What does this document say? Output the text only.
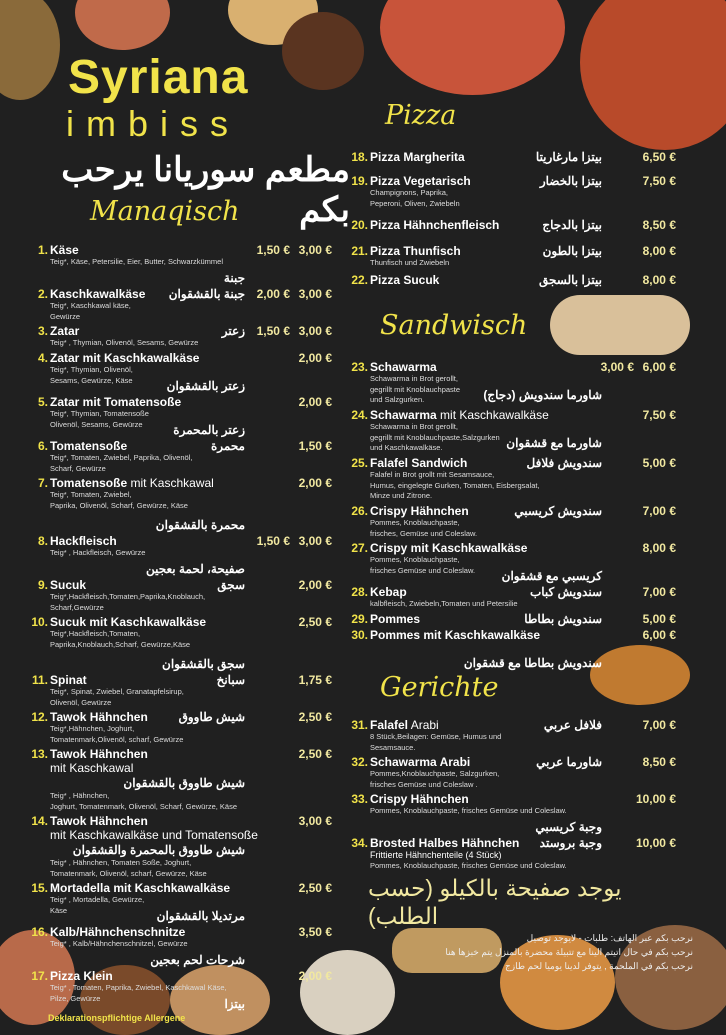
Syriana
imbiss
مطعم سوريانا يرحب بكم
Manaqisch
Pizza
Sandwisch
Gerichte
1. Käse
جبنة
Teig*, Käse, Petersilie, Eier, Butter, Schwarzkümmel
1,50 € 3,00 €
2. Kaschkawalkäse جبنة بالقشقوان
Teig*, Kaschkawal käse,
Gewürze
2,00 € 3,00 €
3. Zatar	زعتر
Teig* , Thymian, Olivenöl, Sesams, Gewürze
1,50 € 3,00 €
4. Zatar mit Kaschkawalkäse
زعتر بالقشقوان
Teig*, Thymian, Olivenöl,
Sesams, Gewürze, Käse
2,00 €
5. Zatar mit Tomatensoße
زعتر بالمحمرة
Teig*, Thymian, Tomatensoße
Olivenöl, Sesams, Gewürze
2,00 €
6. Tomatensoße	محمرة
Teig*, Tomaten, Zwiebel, Paprika, Olivenöl,
Scharf, Gewürze
1,50 €
7. Tomatensoße mit Kaschkawal
محمرة بالقشقوان
Teig*, Tomaten, Zwiebel,
Paprika, Olivenöl, Scharf, Gewürze, Käse
2,00 €
8. Hackfleisch
صفيحة، لحمة بعجين
Teig* , Hackfleisch, Gewürze
1,50 € 3,00 €
9. Sucuk	سجق
Teig*,Hackfleisch,Tomaten,Paprika,Knoblauch,
Scharf,Gewürze
2,00 €
10. Sucuk mit Kaschkawalkäse
سجق بالقشقوان
Teig*,Hackfleisch,Tomaten,
Paprika,Knoblauch,Scharf, Gewürze,Käse
2,50 €
11. Spinat	سبانخ
Teig*, Spinat, Zwiebel, Granatapfelsirup,
Olivenöl, Gewürze
1,75 €
12. Tawok Hähnchen	شيش طاووق
Teig*,Hähnchen, Joghurt,
Tomatenmark,Olivenöl, scharf, Gewürze
2,50 €
13. Tawok Hähnchen
mit Kaschkawal
شيش طاووق بالقشقوان
Teig* , Hähnchen,
Joghurt, Tomatenmark, Olivenöl, Scharf, Gewürze, Käse
2,50 €
14. Tawok Hähnchen
mit Kaschkawalkäse und Tomatensoße
شيش طاووق بالمحمرة والقشقوان
Teig* , Hähnchen, Tomaten Soße, Joghurt,
Tomatenmark, Olivenöl, scharf, Gewürze, Käse
3,00 €
15. Mortadella mit Kaschkawalkäse
مرتديلا بالقشقوان
Teig* , Mortadella, Gewürze,
Käse
2,50 €
16. Kalb/Hähnchenschnitze
شرحات لحم بعجين
Teig* , Kalb/Hähnchenschnitzel, Gewürze
3,50 €
17. Pizza Klein
بيتزا
Teig* , Tomaten, Paprika, Zwiebel, Kaschkawal Käse,
Pilze, Gewürze
2,00 €
18. Pizza Margherita	بيتزا مارغاريتا	6,50 €
19. Pizza Vegetarisch	بيتزا بالخضار
Champignons, Paprika,
Peperoni, Oliven, Zwiebeln
7,50 €
20. Pizza Hähnchenfleisch	بيتزا بالدجاج	8,50 €
21. Pizza Thunfisch	بيتزا بالطون
Thunfisch und Zwiebeln
8,00 €
22. Pizza Sucuk	بيتزا بالسجق	8,00 €
23. Schawarma
شاورما سندويش (دجاج)
Schawarma in Brot gerollt,
gegrillt mit Knoblauchpaste
und Salzgurken.
3,00 € 6,00 €
24. Schawarma mit Kaschkawalkäse
شاورما مع قشقوان
Schawarma in Brot gerollt,
gegrillt mit Knoblauchpaste,Salzgurken
und Kaschkawalkäse.
7,50 €
25. Falafel Sandwich	سندويش فلافل
Falafel in Brot grollt mit Sesamsauce,
Humus, eingelegte Gurken, Tomaten, Eisbergsalat,
Minze und Zitrone.
5,00 €
26. Crispy Hähnchen	سندويش كريسبي
Pommes, Knoblauchpaste,
frisches, Gemüse und Coleslaw.
7,00 €
27. Crispy mit Kaschkawalkäse
كريسبي مع قشقوان
Pommes, Knoblauchpaste,
frisches Gemüse und Coleslaw.
8,00 €
28. Kebap	سندويش كباب
kalbfleisch, Zwiebeln,Tomaten und Petersilie
7,00 €
29. Pommes	سندويش بطاطا	5,00 €
30. Pommes mit Kaschkawalkäse
سندويش بطاطا مع قشقوان
6,00 €
31. Falafel Arabi	فلافل عربي
8 Stück,Beilagen: Gemüse, Humus und
Sesamsauce.
7,00 €
32. Schawarma Arabi	شاورما عربي
Pommes,Knoblauchpaste, Salzgurken,
frisches Gemüse und Coleslaw .
8,50 €
33. Crispy Hähnchen
وجبة كريسبي
Pommes, Knoblauchpaste, frisches Gemüse und Coleslaw.
10,00 €
34. Brosted Halbes Hähnchen
Frittierte Hähnchenteile (4 Stück)
وجبة بروستد
Pommes, Knoblauchpaste, frisches Gemüse und Coleslaw.
10,00 €
Deklarationspflichtige Allergene
يوجد صفيحة بالكيلو (حسب الطلب)
نرحب بكم عبر الهاتف: طلبات - لايوجد توصيل
نرحب بكم في حال اتيتم الينا مع تتبيلة محضرة بالمنزل يتم خبزها هنا
نرحب بكم في الملحمة , يتوفر لدينا يوميا لحم طازج
